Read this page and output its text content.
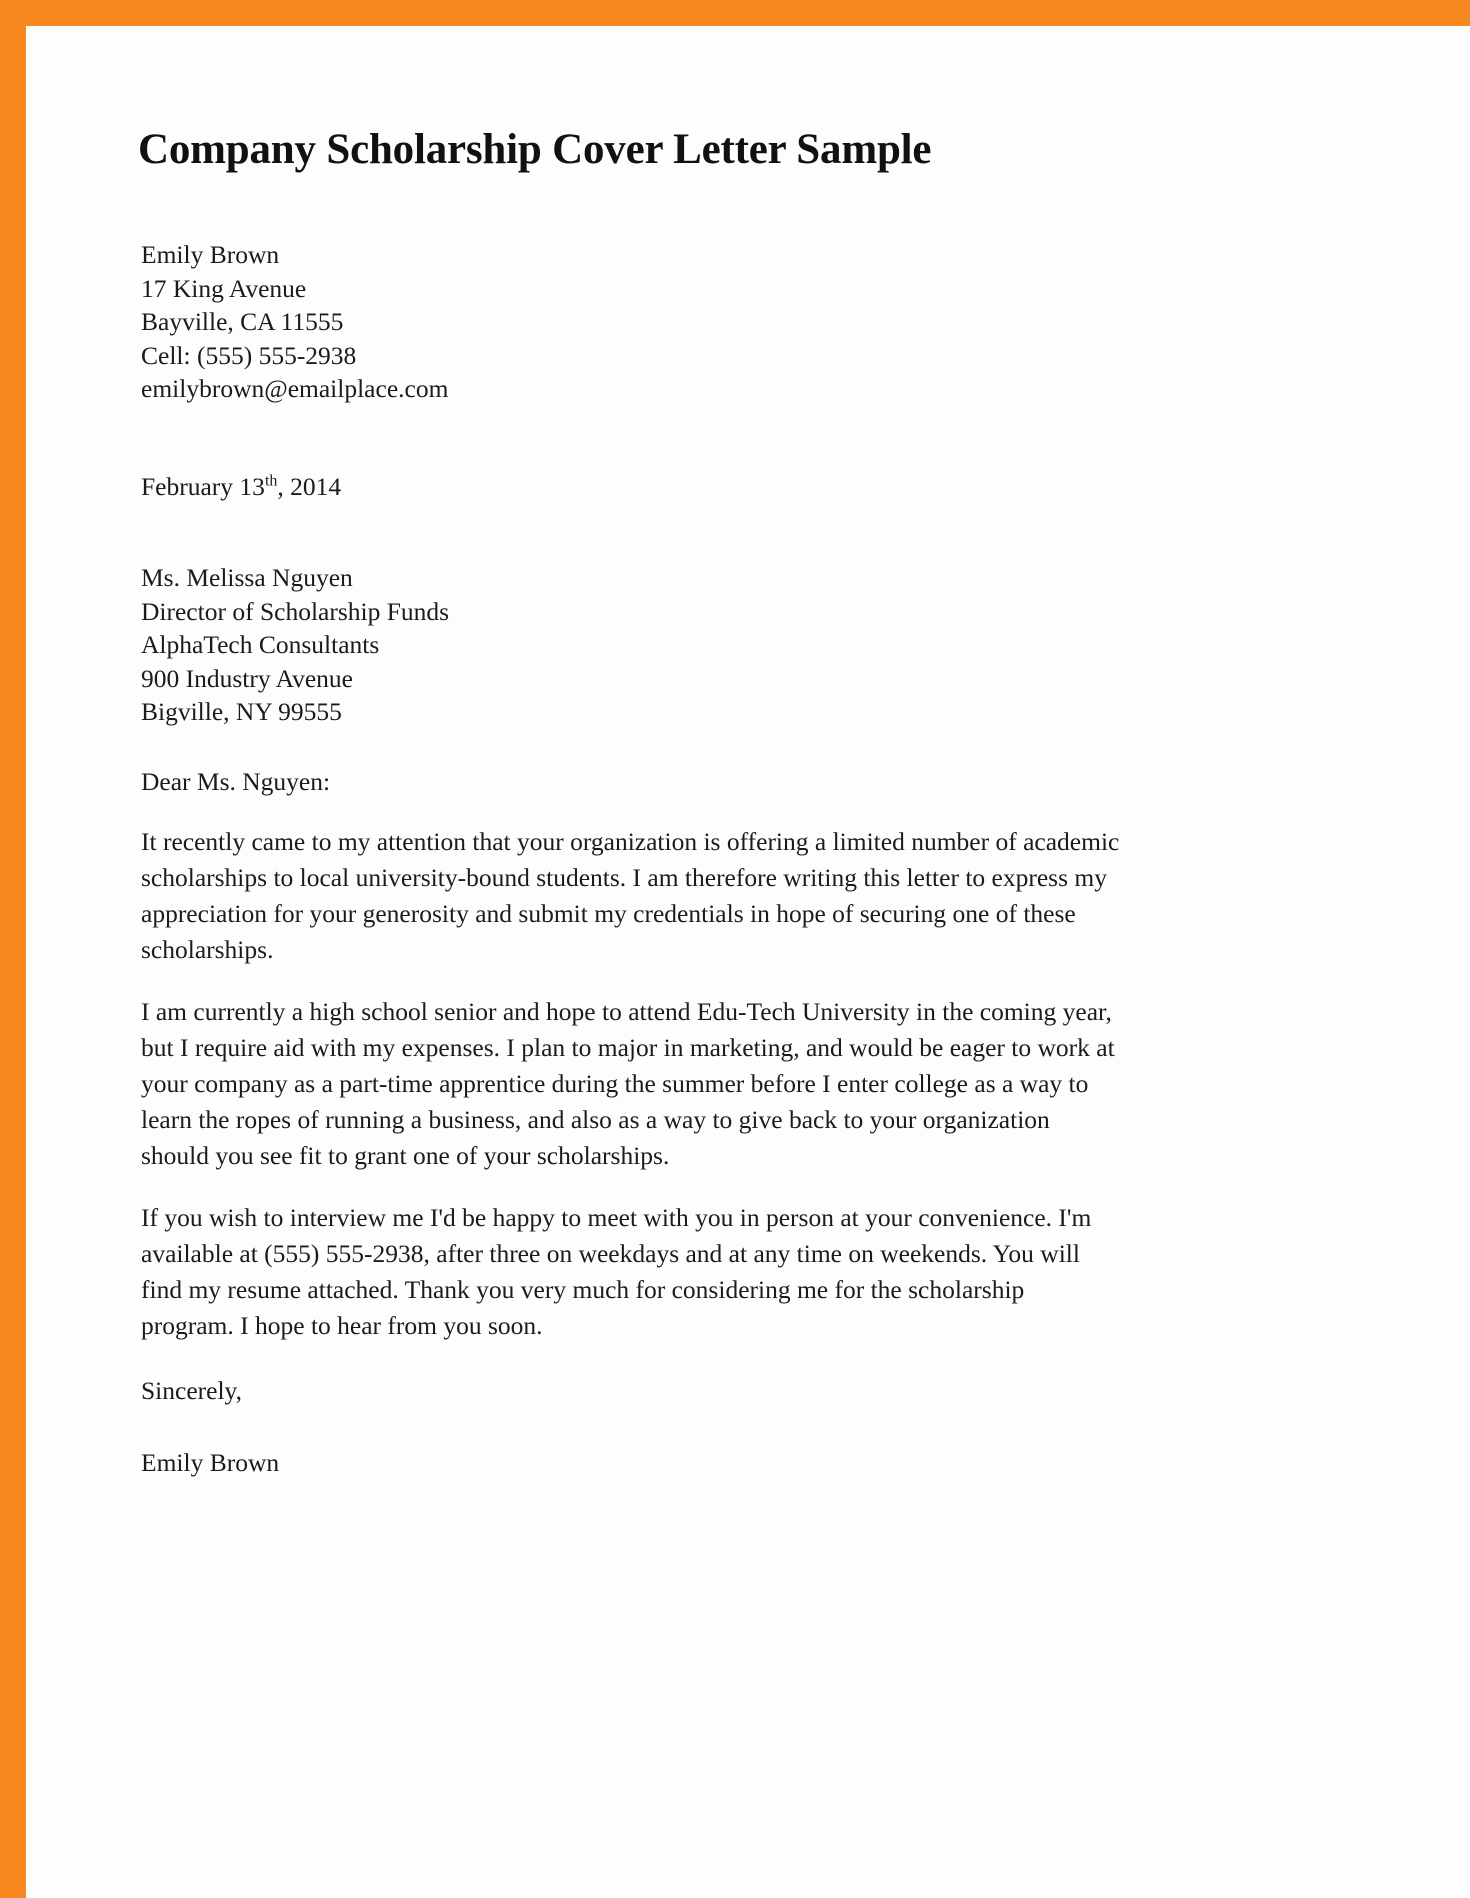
Company Scholarship Cover Letter Sample
Emily Brown
17 King Avenue
Bayville, CA 11555
Cell: (555) 555-2938
emilybrown@emailplace.com
February 13th, 2014
Ms. Melissa Nguyen
Director of Scholarship Funds
AlphaTech Consultants
900 Industry Avenue
Bigville, NY 99555
Dear Ms. Nguyen:

It recently came to my attention that your organization is offering a limited number of academic scholarships to local university-bound students. I am therefore writing this letter to express my appreciation for your generosity and submit my credentials in hope of securing one of these scholarships.

I am currently a high school senior and hope to attend Edu-Tech University in the coming year, but I require aid with my expenses. I plan to major in marketing, and would be eager to work at your company as a part-time apprentice during the summer before I enter college as a way to learn the ropes of running a business, and also as a way to give back to your organization should you see fit to grant one of your scholarships.

If you wish to interview me I'd be happy to meet with you in person at your convenience. I'm available at (555) 555-2938, after three on weekdays and at any time on weekends. You will find my resume attached. Thank you very much for considering me for the scholarship program. I hope to hear from you soon.

Sincerely,
Emily Brown
